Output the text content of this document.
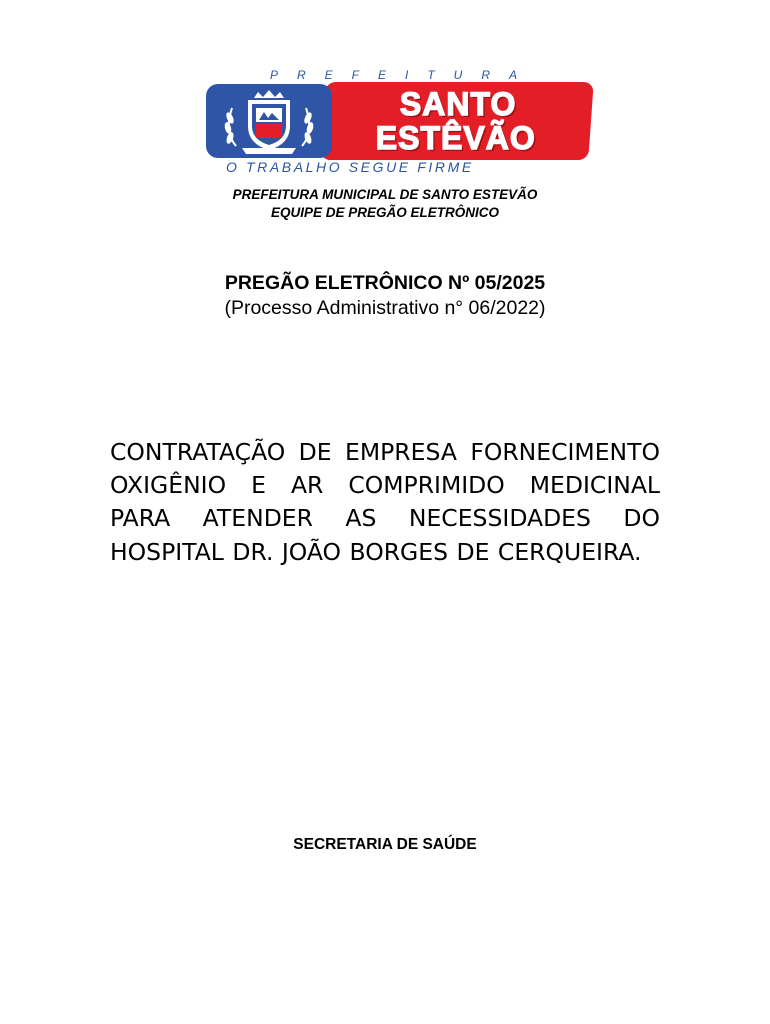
PREFEITURA
SANTO
ESTÊVÃO
O TRABALHO SEGUE FIRME
PREFEITURA MUNICIPAL DE SANTO ESTEVÃO
EQUIPE DE PREGÃO ELETRÔNICO
PREGÃO ELETRÔNICO Nº 05/2025
(Processo Administrativo n° 06/2022)
CONTRATAÇÃO DE EMPRESA FORNECIMENTO OXIGÊNIO E AR COMPRIMIDO MEDICINAL PARA ATENDER AS NECESSIDADES DO HOSPITAL DR. JOÃO BORGES DE CERQUEIRA.
SECRETARIA DE SAÚDE
